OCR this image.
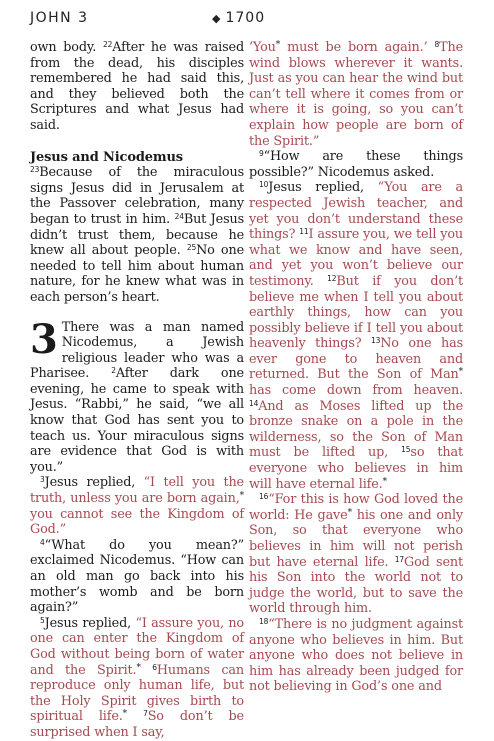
JOHN 3	◆ 1700

own body. $^{22}$After he was raised from the dead, his disciples remembered he had said this, and they believed both the Scriptures and what Jesus had said.

Jesus and Nicodemus

$^{23}$Because of the miraculous signs Jesus did in Jerusalem at the Passover celebration, many began to trust in him. $^{24}$But Jesus didn’t trust them, because he knew all about people. $^{25}$No one needed to tell him about human nature, for he knew what was in each person’s heart.

3 There was a man named Nicodemus, a Jewish religious leader who was a Pharisee. $^2$After dark one evening, he came to speak with Jesus. “Rabbi,” he said, “we all know that God has sent you to teach us. Your miraculous signs are evidence that God is with you.”

$^3$Jesus replied, “I tell you the truth, unless you are born again,* you cannot see the Kingdom of God.”

$^4$“What do you mean?” exclaimed Nicodemus. “How can an old man go back into his mother’s womb and be born again?”

$^5$Jesus replied, “I assure you, no one can enter the Kingdom of God without being born of water and the Spirit.* $^6$Humans can reproduce only human life, but the Holy Spirit gives birth to spiritual life.* $^7$So don’t be surprised when I say,

‘You* must be born again.’ $^8$The wind blows wherever it wants. Just as you can hear the wind but can’t tell where it comes from or where it is going, so you can’t explain how people are born of the Spirit.”

$^9$“How are these things possible?” Nicodemus asked.

$^{10}$Jesus replied, “You are a respected Jewish teacher, and yet you don’t understand these things? $^{11}$I assure you, we tell you what we know and have seen, and yet you won’t believe our testimony. $^{12}$But if you don’t believe me when I tell you about earthly things, how can you possibly believe if I tell you about heavenly things? $^{13}$No one has ever gone to heaven and returned. But the Son of Man* has come down from heaven. $^{14}$And as Moses lifted up the bronze snake on a pole in the wilderness, so the Son of Man must be lifted up, $^{15}$so that everyone who believes in him will have eternal life.*

$^{16}$“For this is how God loved the world: He gave* his one and only Son, so that everyone who believes in him will not perish but have eternal life. $^{17}$God sent his Son into the world not to judge the world, but to save the world through him.

$^{18}$“There is no judgment against anyone who believes in him. But anyone who does not believe in him has already been judged for not believing in God’s one and
